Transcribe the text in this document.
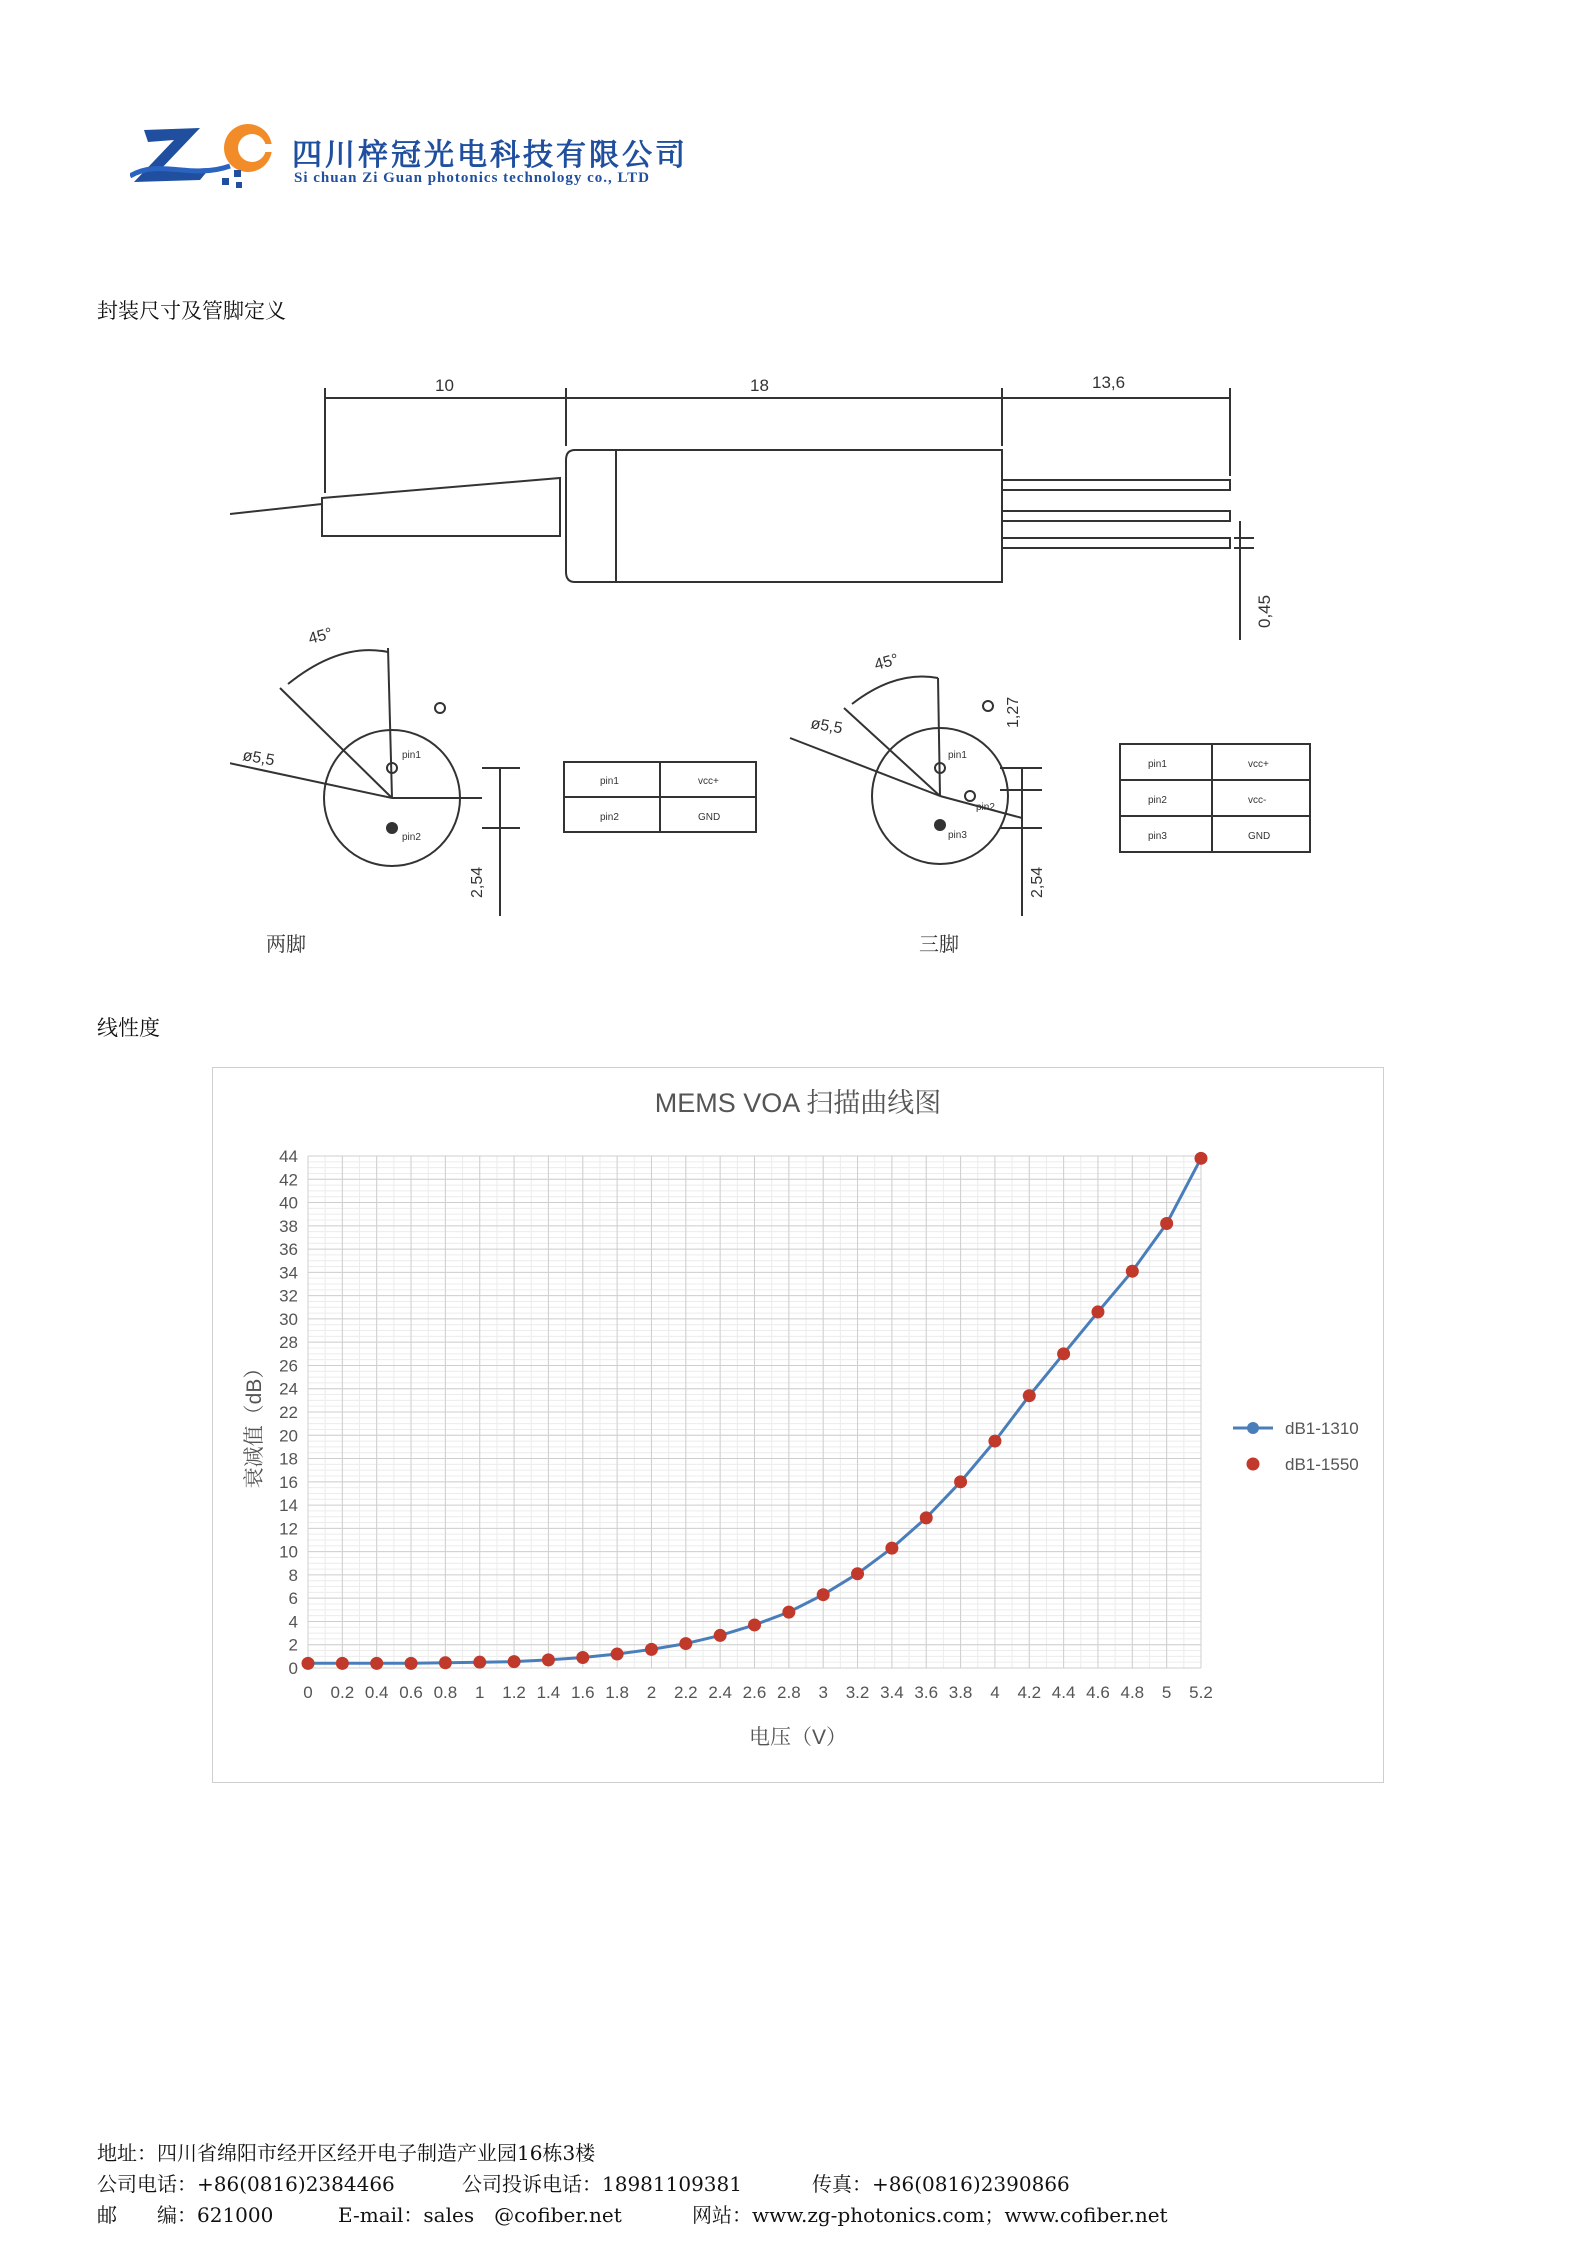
四川梓冠光电科技有限公司
Si chuan Zi Guan photonics technology co., LTD
封装尺寸及管脚定义
10	18	13,6
0,45
45°
ø5,5	pin1
pin2
2,54
pin1	vcc+
pin2	GND
45°
ø5,5	1,27
pin1
pin2
pin3
2,54
pin1	vcc+
pin2	vcc-
pin3	GND
两脚	三脚
线性度
MEMS VOA 扫描曲线图
0
2
4
6
8
10
12
14
16
18
20
22
24
26
28
30
32
34
36
38
40
42
44
0 0.2 0.4 0.6 0.8 1 1.2 1.4 1.6 1.8 2 2.2 2.4 2.6 2.8 3 3.2 3.4 3.6 3.8 4 4.2 4.4 4.6 4.8 5 5.2
电压（V）
衰减值（dB）	dB1-1310
dB1-1550
地址：四川省绵阳市经开区经开电子制造产业园16栋3楼
公司电话：+86(0816)2384466	公司投诉电话：18981109381	传真：+86(0816)2390866
邮　　编：621000	E-mail：sales　@cofiber.net	网站：www.zg-photonics.com；www.cofiber.net
